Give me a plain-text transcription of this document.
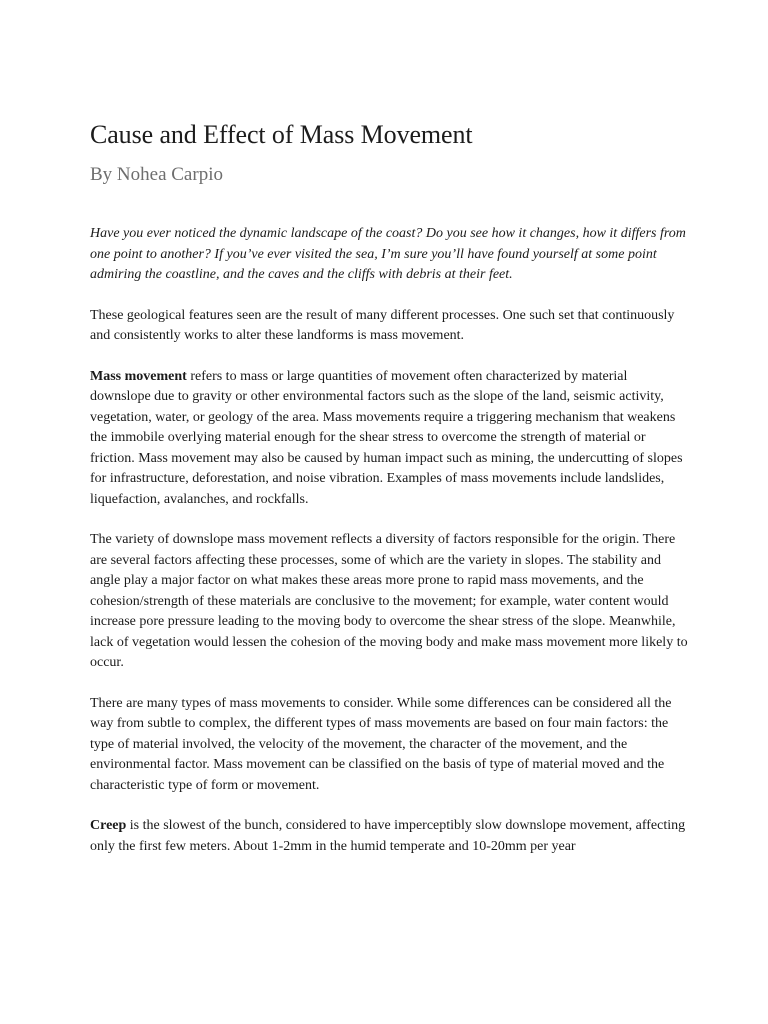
Cause and Effect of Mass Movement

By Nohea Carpio

Have you ever noticed the dynamic landscape of the coast? Do you see how it changes, how it differs from one point to another? If you’ve ever visited the sea, I’m sure you’ll have found yourself at some point admiring the coastline, and the caves and the cliffs with debris at their feet.

These geological features seen are the result of many different processes. One such set that continuously and consistently works to alter these landforms is mass movement.

Mass movement refers to mass or large quantities of movement often characterized by material downslope due to gravity or other environmental factors such as the slope of the land, seismic activity, vegetation, water, or geology of the area. Mass movements require a triggering mechanism that weakens the immobile overlying material enough for the shear stress to overcome the strength of material or friction. Mass movement may also be caused by human impact such as mining, the undercutting of slopes for infrastructure, deforestation, and noise vibration. Examples of mass movements include landslides, liquefaction, avalanches, and rockfalls.

The variety of downslope mass movement reflects a diversity of factors responsible for the origin. There are several factors affecting these processes, some of which are the variety in slopes. The stability and angle play a major factor on what makes these areas more prone to rapid mass movements, and the cohesion/strength of these materials are conclusive to the movement; for example, water content would increase pore pressure leading to the moving body to overcome the shear stress of the slope. Meanwhile, lack of vegetation would lessen the cohesion of the moving body and make mass movement more likely to occur.

There are many types of mass movements to consider. While some differences can be considered all the way from subtle to complex, the different types of mass movements are based on four main factors: the type of material involved, the velocity of the movement, the character of the movement, and the environmental factor. Mass movement can be classified on the basis of type of material moved and the characteristic type of form or movement.

Creep is the slowest of the bunch, considered to have imperceptibly slow downslope movement, affecting only the first few meters. About 1-2mm in the humid temperate and 10-20mm per year
